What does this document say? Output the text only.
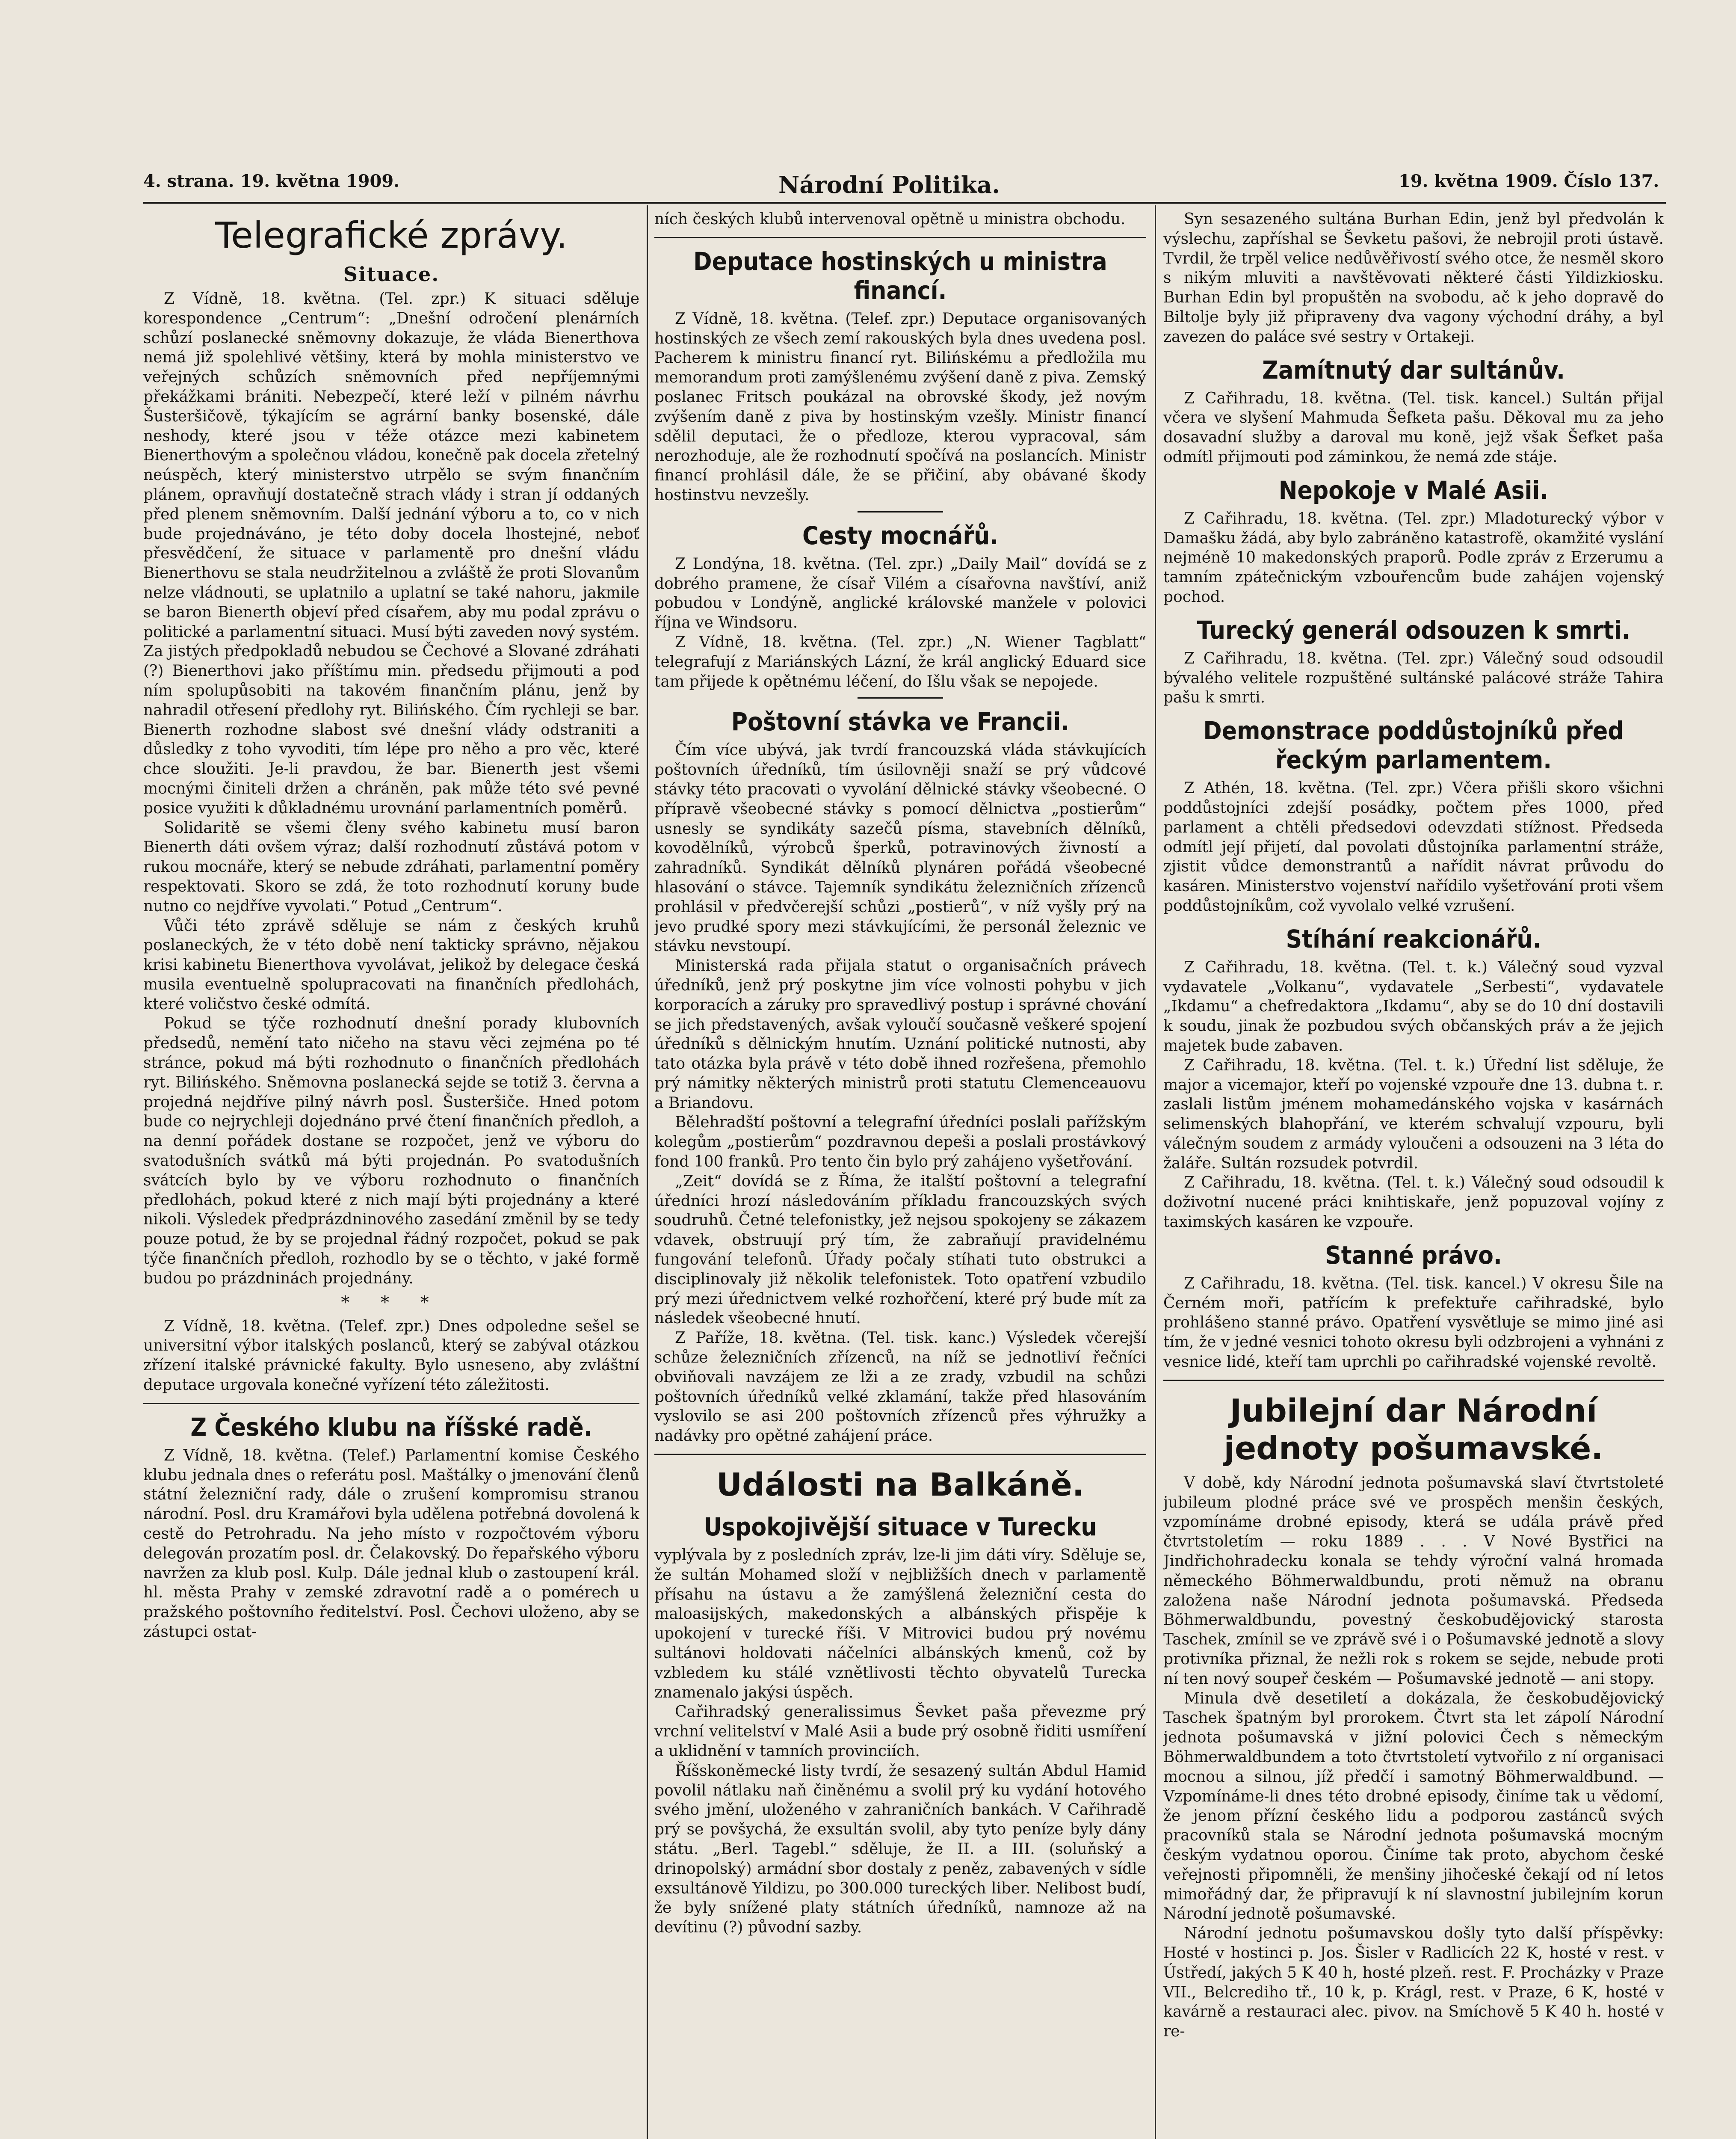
4. strana. 19. května 1909.	Národní Politika.	19. května 1909. Číslo 137.
Telegrafické zprávy.
Situace.

Z Vídně, 18. května. (Tel. zpr.) K situaci sděluje korespondence „Centrum“: „Dnešní odročení plenárních schůzí poslanecké sněmovny dokazuje, že vláda Bienerthova nemá již spolehlivé většiny, která by mohla ministerstvo ve veřejných schůzích sněmovních před nepříjemnými překážkami brániti. Nebezpečí, které leží v pilném návrhu Šusteršičově, týkajícím se agrární banky bosenské, dále neshody, které jsou v téže otázce mezi kabinetem Bienerthovým a společnou vládou, konečně pak docela zřetelný neúspěch, který ministerstvo utrpělo se svým finančním plánem, opravňují dostatečně strach vlády i stran jí oddaných před plenem sněmovním. Další jednání výboru a to, co v nich bude projednáváno, je této doby docela lhostejné, neboť přesvědčení, že situace v parlamentě pro dnešní vládu Bienerthovu se stala neudržitelnou a zvláště že proti Slovanům nelze vládnouti, se uplatnilo a uplatní se také nahoru, jakmile se baron Bienerth objeví před císařem, aby mu podal zprávu o politické a parlamentní situaci. Musí býti zaveden nový systém. Za jistých předpokladů nebudou se Čechové a Slované zdráhati (?) Bienerthovi jako příštímu min. předsedu přijmouti a pod ním spolupůsobiti na takovém finančním plánu, jenž by nahradil otřesení předlohy ryt. Bilińského. Čím rychleji se bar. Bienerth rozhodne slabost své dnešní vlády odstraniti a důsledky z toho vyvoditi, tím lépe pro něho a pro věc, které chce sloužiti. Je-li pravdou, že bar. Bienerth jest všemi mocnými činiteli držen a chráněn, pak může této své pevné posice využiti k důkladnému urovnání parlamentních poměrů.

Solidaritě se všemi členy svého kabinetu musí baron Bienerth dáti ovšem výraz; další rozhodnutí zůstává potom v rukou mocnáře, který se nebude zdráhati, parlamentní poměry respektovati. Skoro se zdá, že toto rozhodnutí koruny bude nutno co nejdříve vyvolati.“ Potud „Centrum“.

Vůči této zprávě sděluje se nám z českých kruhů poslaneckých, že v této době není takticky správno, nějakou krisi kabinetu Bienerthova vyvolávat, jelikož by delegace česká musila eventuelně spolupracovati na finančních předlohách, které voličstvo české odmítá.

Pokud se týče rozhodnutí dnešní porady klubovních předsedů, nemění tato ničeho na stavu věci zejména po té stránce, pokud má býti rozhodnuto o finančních předlohách ryt. Bilińského. Sněmovna poslanecká sejde se totiž 3. června a projedná nejdříve pilný návrh posl. Šusteršiče. Hned potom bude co nejrychleji dojednáno prvé čtení finančních předloh, a na denní pořádek dostane se rozpočet, jenž ve výboru do svatodušních svátků má býti projednán. Po svatodušních svátcích bylo by ve výboru rozhodnuto o finančních předlohách, pokud které z nich mají býti projednány a které nikoli. Výsledek předprázdninového zasedání změnil by se tedy pouze potud, že by se projednal řádný rozpočet, pokud se pak týče finančních předloh, rozhodlo by se o těchto, v jaké formě budou po prázdninách projednány.

* * *

Z Vídně, 18. května. (Telef. zpr.) Dnes odpoledne sešel se universitní výbor italských poslanců, který se zabýval otázkou zřízení italské právnické fakulty. Bylo usneseno, aby zvláštní deputace urgovala konečné vyřízení této záležitosti.

Z Českého klubu na říšské radě.

Z Vídně, 18. května. (Telef.) Parlamentní komise Českého klubu jednala dnes o referátu posl. Maštálky o jmenování členů státní železniční rady, dále o zrušení kompromisu stranou národní. Posl. dru Kramářovi byla udělena potřebná dovolená k cestě do Petrohradu. Na jeho místo v rozpočtovém výboru delegován prozatím posl. dr. Čelakovský. Do řepařského výboru navržen za klub posl. Kulp. Dále jednal klub o zastoupení král. hl. města Prahy v zemské zdravotní radě a o pomérech u pražského poštovního ředitelství. Posl. Čechovi uloženo, aby se zástupci ostat-

ních českých klubů intervenoval opětně u ministra obchodu.

Deputace hostinských u ministra financí.

Z Vídně, 18. května. (Telef. zpr.) Deputace organisovaných hostinských ze všech zemí rakouských byla dnes uvedena posl. Pacherem k ministru financí ryt. Bilińskému a předložila mu memorandum proti zamýšlenému zvýšení daně z piva. Zemský poslanec Fritsch poukázal na obrovské škody, jež novým zvýšením daně z piva by hostinským vzešly. Ministr financí sdělil deputaci, že o předloze, kterou vypracoval, sám nerozhoduje, ale že rozhodnutí spočívá na poslancích. Ministr financí prohlásil dále, že se přičiní, aby obávané škody hostinstvu nevzešly.

Cesty mocnářů.

Z Londýna, 18. května. (Tel. zpr.) „Daily Mail“ dovídá se z dobrého pramene, že císař Vilém a císařovna navštíví, aniž pobudou v Londýně, anglické královské manžele v polovici října ve Windsoru.

Z Vídně, 18. května. (Tel. zpr.) „N. Wiener Tagblatt“ telegrafují z Mariánských Lázní, že král anglický Eduard sice tam přijede k opětnému léčení, do Išlu však se nepojede.

Poštovní stávka ve Francii.

Čím více ubývá, jak tvrdí francouzská vláda stávkujících poštovních úředníků, tím úsilovněji snaží se prý vůdcové stávky této pracovati o vyvolání dělnické stávky všeobecné. O přípravě všeobecné stávky s pomocí dělnictva „postierům“ usnesly se syndikáty sazečů písma, stavebních dělníků, kovodělníků, výrobců šperků, potravinových živností a zahradníků. Syndikát dělníků plynáren pořádá všeobecné hlasování o stávce. Tajemník syndikátu železničních zřízenců prohlásil v předvčerejší schůzi „postierů“, v níž vyšly prý na jevo prudké spory mezi stávkujícími, že personál železnic ve stávku nevstoupí.

Ministerská rada přijala statut o organisačních právech úředníků, jenž prý poskytne jim více volnosti pohybu v jich korporacích a záruky pro spravedlivý postup i správné chování se jich představených, avšak vyloučí současně veškeré spojení úředníků s dělnickým hnutím. Uznání politické nutnosti, aby tato otázka byla právě v této době ihned rozřešena, přemohlo prý námitky některých ministrů proti statutu Clemenceauovu a Briandovu.

Bělehradští poštovní a telegrafní úředníci poslali pařížským kolegům „postierům“ pozdravnou depeši a poslali prostávkový fond 100 franků. Pro tento čin bylo prý zahájeno vyšetřování.

„Zeit“ dovídá se z Říma, že italští poštovní a telegrafní úředníci hrozí následováním příkladu francouzských svých soudruhů. Četné telefonistky, jež nejsou spokojeny se zákazem vdavek, obstruují prý tím, že zabraňují pravidelnému fungování telefonů. Úřady počaly stíhati tuto obstrukci a disciplinovaly již několik telefonistek. Toto opatření vzbudilo prý mezi úřednictvem velké rozhořčení, které prý bude mít za následek všeobecné hnutí.

Z Paříže, 18. května. (Tel. tisk. kanc.) Výsledek včerejší schůze železničních zřízenců, na níž se jednotliví řečníci obviňovali navzájem ze lži a ze zrady, vzbudil na schůzi poštovních úředníků velké zklamání, takže před hlasováním vyslovilo se asi 200 poštovních zřízenců přes výhružky a nadávky pro opětné zahájení práce.

Události na Balkáně.
Uspokojivější situace v Turecku

vyplývala by z posledních zpráv, lze-li jim dáti víry. Sděluje se, že sultán Mohamed složí v nejbližších dnech v parlamentě přísahu na ústavu a že zamýšlená železniční cesta do maloasijských, makedonských a albánských přispěje k upokojení v turecké říši. V Mitrovici budou prý novému sultánovi holdovati náčelníci albánských kmenů, což by vzbledem ku stálé vznětlivosti těchto obyvatelů Turecka znamenalo jakýsi úspěch.

Cařihradský generalissimus Ševket paša převezme prý vrchní velitelství v Malé Asii a bude prý osobně řiditi usmíření a uklidnění v tamních provinciích.

Říšskoněmecké listy tvrdí, že sesazený sultán Abdul Hamid povolil nátlaku naň činěnému a svolil prý ku vydání hotového svého jmění, uloženého v zahraničních bankách. V Cařihradě prý se povšychá, že exsultán svolil, aby tyto peníze byly dány státu. „Berl. Tagebl.“ sděluje, že II. a III. (soluňský a drinopolský) armádní sbor dostaly z peněz, zabavených v sídle exsultánově Yildizu, po 300.000 tureckých liber. Nelibost budí, že byly snížené platy státních úředníků, namnoze až na devítinu (?) původní sazby.

Syn sesazeného sultána Burhan Edin, jenž byl předvolán k výslechu, zapříshal se Ševketu pašovi, že nebrojil proti ústavě. Tvrdil, že trpěl velice nedůvěřivostí svého otce, že nesměl skoro s nikým mluviti a navštěvovati některé části Yildizkiosku. Burhan Edin byl propuštěn na svobodu, ač k jeho dopravě do Biltolje byly již připraveny dva vagony východní dráhy, a byl zavezen do paláce své sestry v Ortakeji.

Zamítnutý dar sultánův.

Z Cařihradu, 18. května. (Tel. tisk. kancel.) Sultán přijal včera ve slyšení Mahmuda Šefketa pašu. Děkoval mu za jeho dosavadní služby a daroval mu koně, jejž však Šefket paša odmítl přijmouti pod záminkou, že nemá zde stáje.

Nepokoje v Malé Asii.

Z Cařihradu, 18. května. (Tel. zpr.) Mladoturecký výbor v Damašku žádá, aby bylo zabráněno katastrofě, okamžité vyslání nejméně 10 makedonských praporů. Podle zpráv z Erzerumu a tamním zpátečnickým vzbouřencům bude zahájen vojenský pochod.

Turecký generál odsouzen k smrti.

Z Cařihradu, 18. května. (Tel. zpr.) Válečný soud odsoudil bývalého velitele rozpuštěné sultánské palácové stráže Tahira pašu k smrti.

Demonstrace poddůstojníků před řeckým parlamentem.

Z Athén, 18. května. (Tel. zpr.) Včera přišli skoro všichni poddůstojníci zdejší posádky, počtem přes 1000, před parlament a chtěli předsedovi odevzdati stížnost. Předseda odmítl její přijetí, dal povolati důstojníka parlamentní stráže, zjistit vůdce demonstrantů a nařídit návrat průvodu do kasáren. Ministerstvo vojenství nařídilo vyšetřování proti všem poddůstojníkům, což vyvolalo velké vzrušení.

Stíhání reakcionářů.

Z Cařihradu, 18. května. (Tel. t. k.) Válečný soud vyzval vydavatele „Volkanu“, vydavatele „Serbesti“, vydavatele „Ikdamu“ a chefredaktora „Ikdamu“, aby se do 10 dní dostavili k soudu, jinak že pozbudou svých občanských práv a že jejich majetek bude zabaven.

Z Cařihradu, 18. května. (Tel. t. k.) Úřední list sděluje, že major a vicemajor, kteří po vojenské vzpouře dne 13. dubna t. r. zaslali listům jménem mohamedánského vojska v kasárnách selimenských blahopřání, ve kterém schvalují vzpouru, byli válečným soudem z armády vyloučeni a odsouzeni na 3 léta do žaláře. Sultán rozsudek potvrdil.

Z Cařihradu, 18. května. (Tel. t. k.) Válečný soud odsoudil k doživotní nucené práci knihtiskaře, jenž popuzoval vojíny z taximských kasáren ke vzpouře.

Stanné právo.

Z Cařihradu, 18. května. (Tel. tisk. kancel.) V okresu Šile na Černém moři, patřícím k prefektuře cařihradské, bylo prohlášeno stanné právo. Opatření vysvětluje se mimo jiné asi tím, že v jedné vesnici tohoto okresu byli odzbrojeni a vyhnáni z vesnice lidé, kteří tam uprchli po cařihradské vojenské revoltě.

Jubilejní dar Národní jednoty pošumavské.

V době, kdy Národní jednota pošumavská slaví čtvrtstoleté jubileum plodné práce své ve prospěch menšin českých, vzpomínáme drobné episody, která se udála právě před čtvrtstoletím — roku 1889 . . . V Nové Bystřici na Jindřichohradecku konala se tehdy výroční valná hromada německého Böhmerwaldbundu, proti němuž na obranu založena naše Národní jednota pošumavská. Předseda Böhmerwaldbundu, povestný českobudějovický starosta Taschek, zmínil se ve zprávě své i o Pošumavské jednotě a slovy protivníka přiznal, že nežli rok s rokem se sejde, nebude proti ní ten nový soupeř českém — Pošumavské jednotě — ani stopy.

Minula dvě desetiletí a dokázala, že českobudějovický Taschek špatným byl prorokem. Čtvrt sta let zápolí Národní jednota pošumavská v jižní polovici Čech s německým Böhmerwaldbundem a toto čtvrtstoletí vytvořilo z ní organisaci mocnou a silnou, jíž předčí i samotný Böhmerwaldbund. — Vzpomínáme-li dnes této drobné episody, činíme tak u vědomí, že jenom přízní českého lidu a podporou zastánců svých pracovníků stala se Národní jednota pošumavská mocným českým vydatnou oporou. Činíme tak proto, abychom české veřejnosti připomněli, že menšiny jihočeské čekají od ní letos mimořádný dar, že připravují k ní slavnostní jubilejním korun Národní jednotě pošumavské.

Národní jednotu pošumavskou došly tyto další příspěvky: Hosté v hostinci p. Jos. Šisler v Radlicích 22 K, hosté v rest. v Ústředí, jakých 5 K 40 h, hosté plzeň. rest. F. Procházky v Praze VII., Belcrediho tř., 10 k, p. Krágl, rest. v Praze, 6 K, hosté v kavárně a restauraci alec. pivov. na Smíchově 5 K 40 h. hosté v re-
